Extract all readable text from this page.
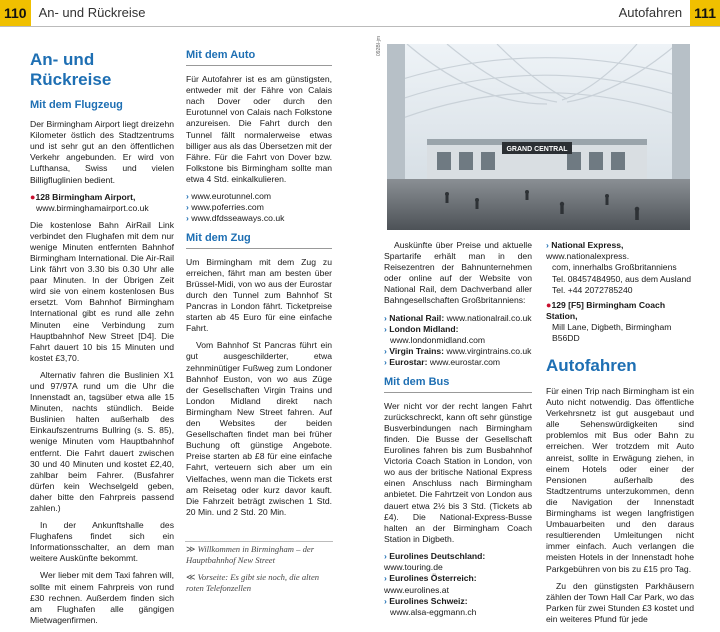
110 An- und Rückreise	Autofahren 111
An- und Rückreise
Mit dem Flugzeug

Der Birmingham Airport liegt dreizehn Kilometer östlich des Stadtzentrums und ist sehr gut an den öffentlichen Verkehr angebunden. Er wird von Lufthansa, Swiss und vielen Billigfluglinien bedient.

●128 Birmingham Airport,
www.birminghamairport.co.uk

Die kostenlose Bahn AirRail Link verbindet den Flughafen mit dem nur wenige Minuten entfernten Bahnhof Birmingham International. Die Air-Rail Link fährt von 3.30 bis 0.30 Uhr alle paar Minuten. In der Übrigen Zeit wird sie von einem kostenlosen Bus ersetzt. Vom Bahnhof Birmingham International gibt es rund alle zehn Minuten eine Verbindung zum Hauptbahnhof New Street [D4]. Die Fahrt dauert 10 bis 15 Minuten und kostet £3,70.

Alternativ fahren die Buslinien X1 und 97/97A rund um die Uhr die Innenstadt an, tagsüber etwa alle 15 Minuten, nachts stündlich. Beide Buslinien halten außerhalb des Einkaufszentrums Bullring (s. S. 85), wenige Minuten vom Hauptbahnhof entfernt. Die Fahrt dauert zwischen 30 und 40 Minuten und kostet £2,40, zahlbar beim Fahrer. (Busfahrer dürfen kein Wechselgeld geben, daher bitte den Fahrpreis passend zahlen.)

In der Ankunftshalle des Flughafens findet sich ein Informationsschalter, an dem man weitere Auskünfte bekommt.

Wer lieber mit dem Taxi fahren will, sollte mit einem Fahrpreis von rund £30 rechnen. Außerdem finden sich am Flughafen alle gängigen Mietwagenfirmen.

Mit dem Auto

Für Autofahrer ist es am günstigsten, entweder mit der Fähre von Calais nach Dover oder durch den Eurotunnel von Calais nach Folkstone anzureisen. Die Fahrt durch den Tunnel fällt normalerweise etwas billiger aus als das Übersetzen mit der Fähre. Für die Fahrt von Dover bzw. Folkstone bis Birmingham sollte man etwa 4 Std. einkalkulieren.

› www.eurotunnel.com
› www.poferries.com
› www.dfdsseaways.co.uk
Mit dem Zug

Um Birmingham mit dem Zug zu erreichen, fährt man am besten über Brüssel-Midi, von wo aus der Eurostar durch den Tunnel zum Bahnhof St Pancras in London fährt. Ticketpreise starten ab 45 Euro für eine einfache Fahrt.

Vom Bahnhof St Pancras führt ein gut ausgeschilderter, etwa zehnminütiger Fußweg zum Londoner Bahnhof Euston, von wo aus Züge der Gesellschaften Virgin Trains und London Midland direkt nach Birmingham New Street fahren. Auf den Websites der beiden Gesellschaften findet man bei früher Buchung oft günstige Angebote. Preise starten ab £8 für eine einfache Fahrt, verteuern sich aber um ein Vielfaches, wenn man die Tickets erst am Reisetag oder kurz davor kauft. Die Fahrzeit beträgt zwischen 1 Std. 20 Min. und 2 Std. 20 Min.

≫ Willkommen in Birmingham – der Hauptbahnhof New Street

≪ Vorseite: Es gibt sie noch, die alten roten Telefonzellen

092BI-jm
GRAND CENTRAL

Auskünfte über Preise und aktuelle Spartarife erhält man in den Reisezentren der Bahnunternehmen oder online auf der Website von National Rail, dem Dachverband aller Bahngesellschaften Großbritanniens:

› National Rail: www.nationalrail.co.uk
› London Midland:
www.londonmidland.com
› Virgin Trains: www.virgintrains.co.uk
› Eurostar: www.eurostar.com
Mit dem Bus

Wer nicht vor der recht langen Fahrt zurückschreckt, kann oft sehr günstige Busverbindungen nach Birmingham finden. Die Busse der Gesellschaft Eurolines fahren bis zum Busbahnhof Victoria Coach Station in London, von wo aus der britische National Express einen Anschluss nach Birmingham anbietet. Die Fahrtzeit von London aus dauert etwa 2½ bis 3 Std. (Tickets ab £4). Die National-Express-Busse halten an der Birmingham Coach Station in Digbeth.

› Eurolines Deutschland: www.touring.de
› Eurolines Österreich: www.eurolines.at
› Eurolines Schweiz:
www.alsa-eggmann.ch
› National Express, www.nationalexpress.
com, innerhalbs Großbritanniens
Tel. 08457484950, aus dem Ausland
Tel. +44 2072785240
●129 [F5] Birmingham Coach Station,
Mill Lane, Digbeth, Birmingham B56DD
Autofahren

Für einen Trip nach Birmingham ist ein Auto nicht notwendig. Das öffentliche Verkehrsnetz ist gut ausgebaut und alle Sehenswürdigkeiten sind problemlos mit Bus oder Bahn zu erreichen. Wer trotzdem mit Auto anreist, sollte in Erwägung ziehen, in einem Hotels oder einer der Pensionen außerhalb des Stadtzentrums unterzukommen, denn die Navigation der Innenstadt Birminghams ist wegen langfristigen Umbauarbeiten und den daraus resultierenden Umleitungen nicht immer einfach. Auch verlangen die meisten Hotels in der Innenstadt hohe Parkgebühren von bis zu £15 pro Tag.

Zu den günstigsten Parkhäusern zählen der Town Hall Car Park, wo das Parken für zwei Stunden £3 kostet und ein weiteres Pfund für jede
